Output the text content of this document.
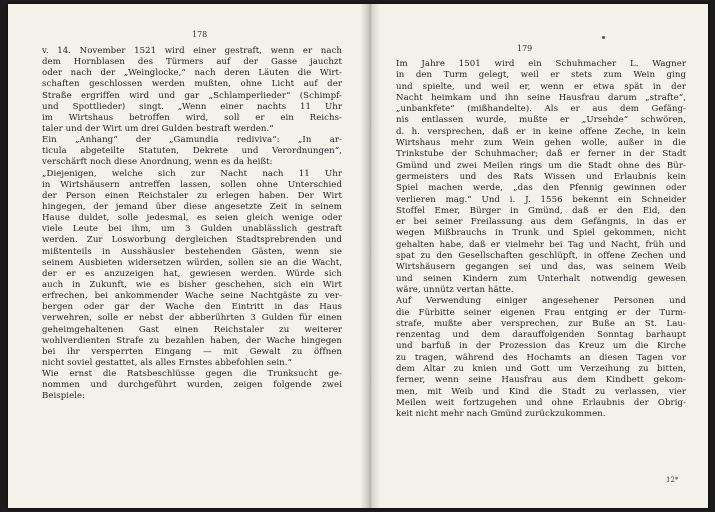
178
v. 14. November 1521 wird einer gestraft, wenn er nach
dem Hornblasen des Türmers auf der Gasse jauchzt
oder nach der „Weinglocke,“ nach deren Läuten die Wirt-
schaften geschlossen werden mußten, ohne Licht auf der
Straße ergriffen wird und gar „Schlamperlieder“ (Schimpf-
und Spottlieder) singt. „Wenn einer nachts 11 Uhr
im Wirtshaus betroffen wird, soll er ein Reichs-
taler und der Wirt um drei Gulden bestraft werden.“
Ein „Anhang“ der „Gamundia rediviva“: „In ar-
ticula abgeteilte Statuten, Dekrete und Verordnungen“,
verschärft noch diese Anordnung, wenn es da heißt:
„Diejenigen, welche sich zur Nacht nach 11 Uhr
in Wirtshäusern antreffen lassen, sollen ohne Unterschied
der Person einen Reichstaler zu erlegen haben. Der Wirt
hingegen, der jemand über diese angesetzte Zeit in seinem
Hause duldet, solle jedesmal, es seien gleich wenige oder
viele Leute bei ihm, um 3 Gulden unablässlich gestraft
werden. Zur Losworbung dergleichen Stadtsprebrenden und
mißtenteils in Ausshäusler bestehenden Gästen, wenn sie
seinem Ausbieten widersetzen würden, sollen sie an die Wacht,
der er es anzuzeigen hat, gewiesen werden. Würde sich
auch in Zukunft, wie es bisher geschehen, sich ein Wirt
erfrechen, bei ankommender Wache seine Nachtgäste zu ver-
bergen oder gar der Wache den Eintritt in das Haus
verwehren, solle er nebst der abberührten 3 Gulden für einen
geheimgehaltenen Gast einen Reichstaler zu weiterer
wohlverdienten Strafe zu bezahlen haben, der Wache hingegen
bei ihr versperrten Eingang — mit Gewalt zu öffnen
nicht soviel gestattet, als alles Ernstes abbefohlen sein.“
Wie ernst die Ratsbeschlüsse gegen die Trunksucht ge-
nommen und durchgeführt wurden, zeigen folgende zwei
Beispiele:
179
Im Jahre 1501 wird ein Schuhmacher L. Wagner
in den Turm gelegt, weil er stets zum Wein ging
und spielte, und weil er, wenn er etwa spät in der
Nacht heimkam und ihn seine Hausfrau darum „strafte“,
„unbankfete“ (mißhandelte). Als er aus dem Gefäng-
nis entlassen wurde, mußte er „Ursehde“ schwören,
d. h. versprechen, daß er in keine offene Zeche, in kein
Wirtshaus mehr zum Wein gehen wolle, außer in die
Trinkstube der Schuhmacher; daß er ferner in der Stadt
Gmünd und zwei Meilen rings um die Stadt ohne des Bür-
germeisters und des Rats Wissen und Erlaubnis kein
Spiel machen werde, „das den Pfennig gewinnen oder
verlieren mag.“ Und i. J. 1556 bekennt ein Schneider
Stoffel Emer, Bürger in Gmünd, daß er den Eid, den
er bei seiner Freilassung aus dem Gefängnis, in das er
wegen Mißbrauchs in Trunk und Spiel gekommen, nicht
gehalten habe, daß er vielmehr bei Tag und Nacht, früh und
spat zu den Gesellschaften geschlüpft, in offene Zechen und
Wirtshäusern gegangen sei und das, was seinem Weib
und seinen Kindern zum Unterhalt notwendig gewesen
wäre, unnütz vertan hätte.
Auf Verwendung einiger angesehener Personen und
die Fürbitte seiner eigenen Frau entging er der Turm-
strafe, mußte aber versprechen, zur Buße an St. Lau-
renzentag und dem darauffolgenden Sonntag barhaupt
und barfuß in der Prozession das Kreuz um die Kirche
zu tragen, während des Hochamts an diesen Tagen vor
dem Altar zu knien und Gott um Verzeihung zu bitten,
ferner, wenn seine Hausfrau aus dem Kindbett gekom-
men, mit Weib und Kind die Stadt zu verlassen, vier
Meilen weit fortzugehen und ohne Erlaubnis der Obrig-
keit nicht mehr nach Gmünd zurückzukommen.
12*
